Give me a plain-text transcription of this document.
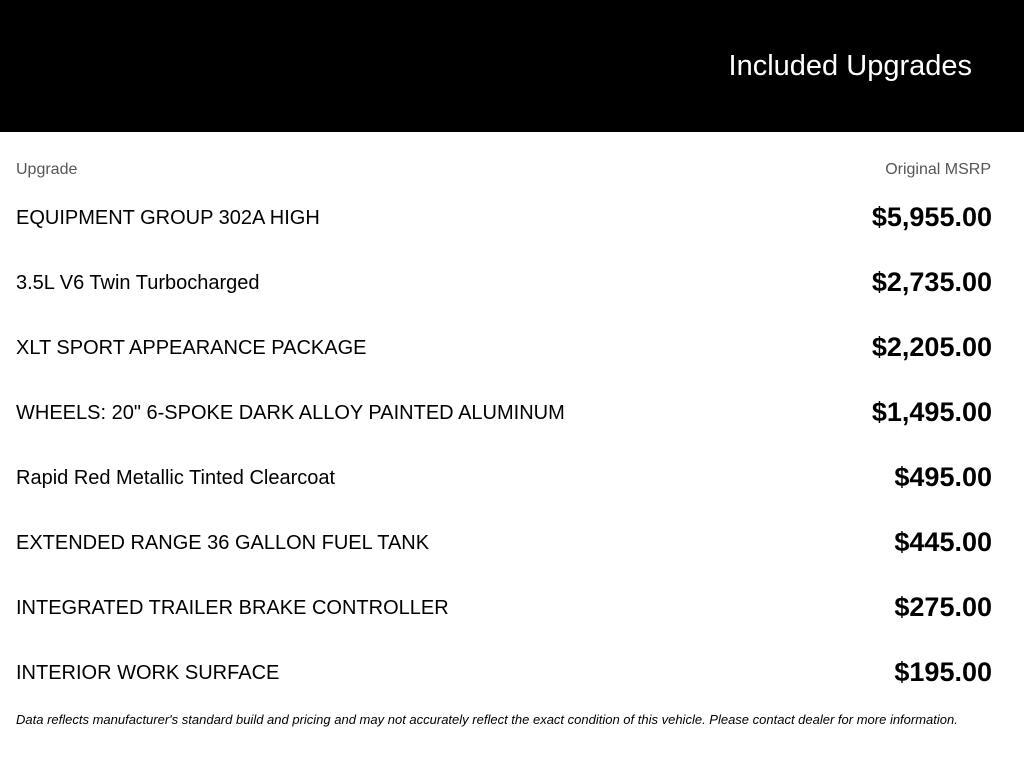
Included Upgrades
Upgrade	Original MSRP
EQUIPMENT GROUP 302A HIGH	$5,955.00
3.5L V6 Twin Turbocharged	$2,735.00
XLT SPORT APPEARANCE PACKAGE	$2,205.00
WHEELS: 20" 6-SPOKE DARK ALLOY PAINTED ALUMINUM	$1,495.00
Rapid Red Metallic Tinted Clearcoat	$495.00
EXTENDED RANGE 36 GALLON FUEL TANK	$445.00
INTEGRATED TRAILER BRAKE CONTROLLER	$275.00
INTERIOR WORK SURFACE	$195.00
Data reflects manufacturer's standard build and pricing and may not accurately reflect the exact condition of this vehicle. Please contact dealer for more information.
